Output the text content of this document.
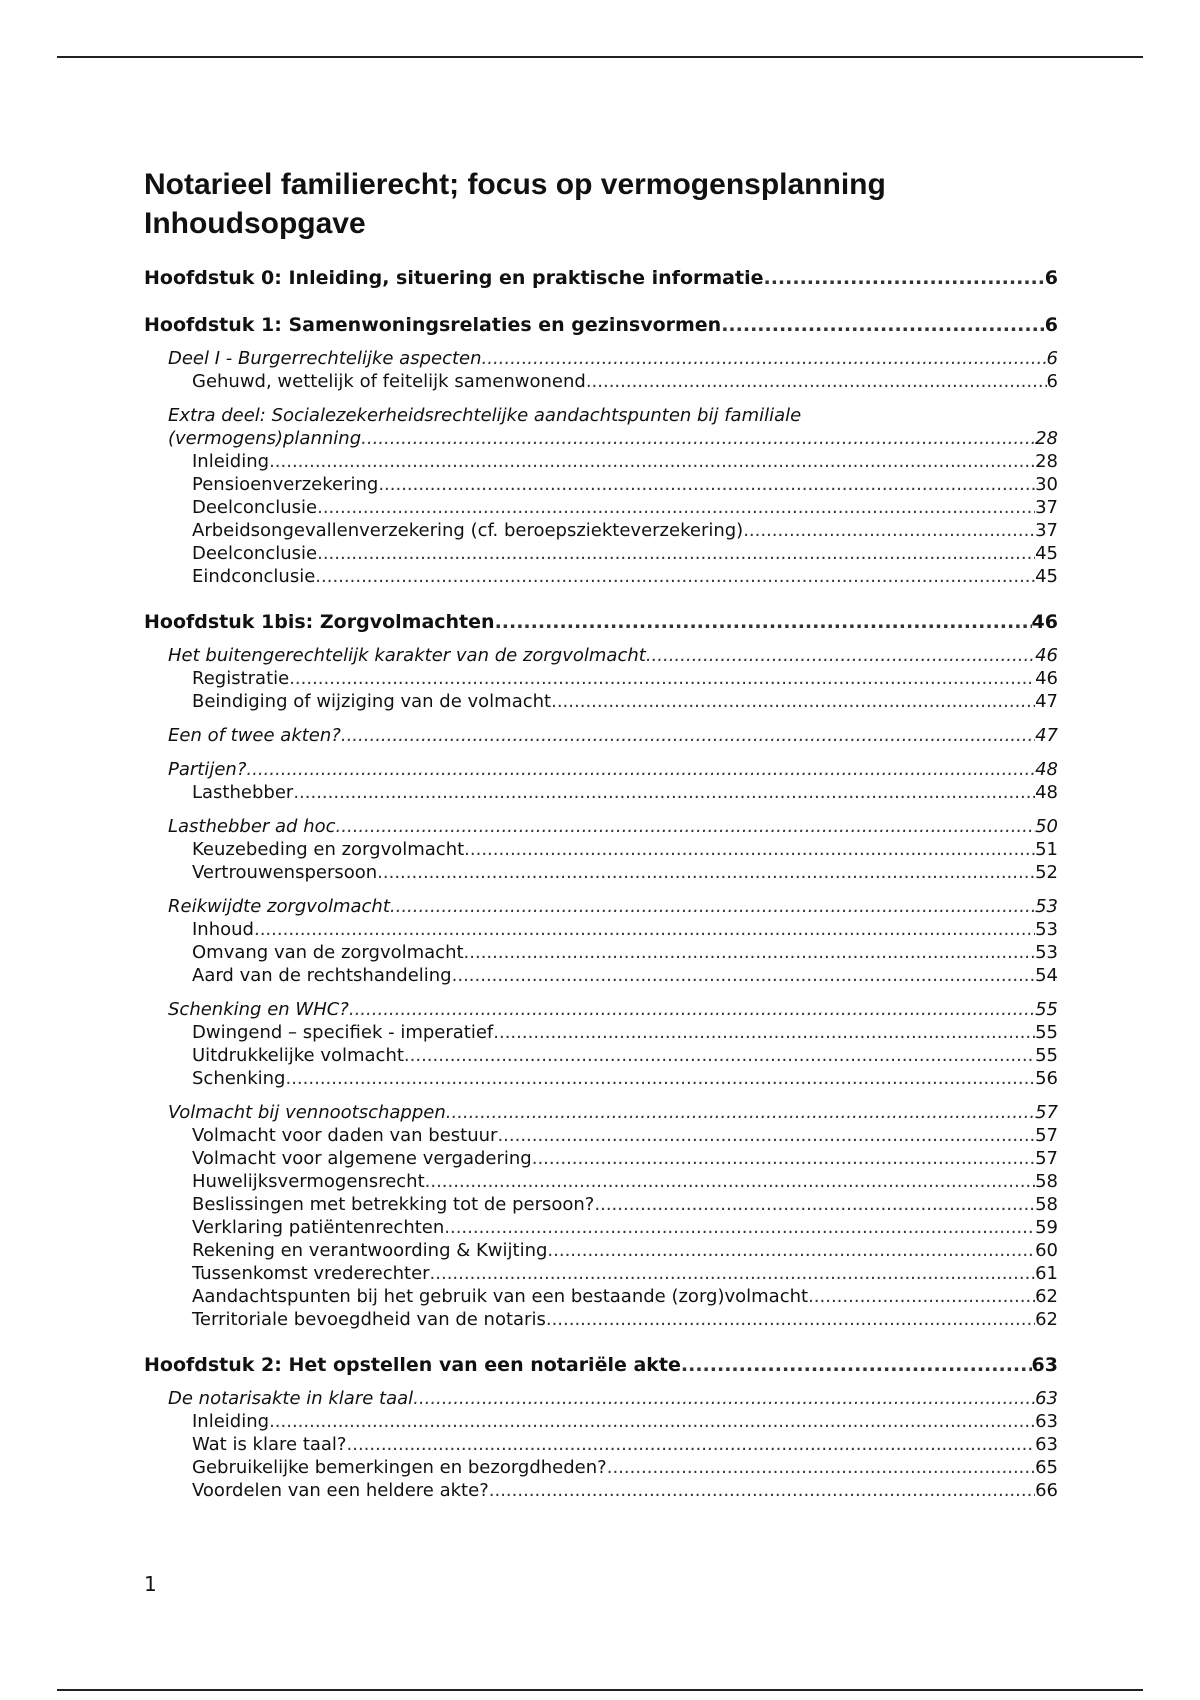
Notarieel familierecht; focus op vermogensplanning
Inhoudsopgave
Hoofdstuk 0: Inleiding, situering en praktische informatie .....	6
Hoofdstuk 1: Samenwoningsrelaties en gezinsvormen .....	6
Deel I - Burgerrechtelijke aspecten .....	6
Gehuwd, wettelijk of feitelijk samenwonend .....	6
Extra deel: Socialezekerheidsrechtelijke aandachtspunten bij familiale
(vermogens)planning .....	28
Inleiding .....	28
Pensioenverzekering .....	30
Deelconclusie .....	37
Arbeidsongevallenverzekering (cf. beroepsziekteverzekering) .....	37
Deelconclusie .....	45
Eindconclusie .....	45
Hoofdstuk 1bis: Zorgvolmachten .....	46
Het buitengerechtelijk karakter van de zorgvolmacht .....	46
Registratie .....	46
Beindiging of wijziging van de volmacht .....	47
Een of twee akten? .....	47
Partijen? .....	48
Lasthebber .....	48
Lasthebber ad hoc .....	50
Keuzebeding en zorgvolmacht .....	51
Vertrouwenspersoon .....	52
Reikwijdte zorgvolmacht .....	53
Inhoud .....	53
Omvang van de zorgvolmacht .....	53
Aard van de rechtshandeling .....	54
Schenking en WHC? .....	55
Dwingend – specifiek - imperatief .....	55
Uitdrukkelijke volmacht .....	55
Schenking .....	56
Volmacht bij vennootschappen .....	57
Volmacht voor daden van bestuur .....	57
Volmacht voor algemene vergadering .....	57
Huwelijksvermogensrecht .....	58
Beslissingen met betrekking tot de persoon? .....	58
Verklaring patiëntenrechten .....	59
Rekening en verantwoording & Kwijting .....	60
Tussenkomst vrederechter .....	61
Aandachtspunten bij het gebruik van een bestaande (zorg)volmacht .....	62
Territoriale bevoegdheid van de notaris .....	62
Hoofdstuk 2: Het opstellen van een notariële akte .....	63
De notarisakte in klare taal .....	63
Inleiding .....	63
Wat is klare taal? .....	63
Gebruikelijke bemerkingen en bezorgdheden? .....	65
Voordelen van een heldere akte? .....	66
1
